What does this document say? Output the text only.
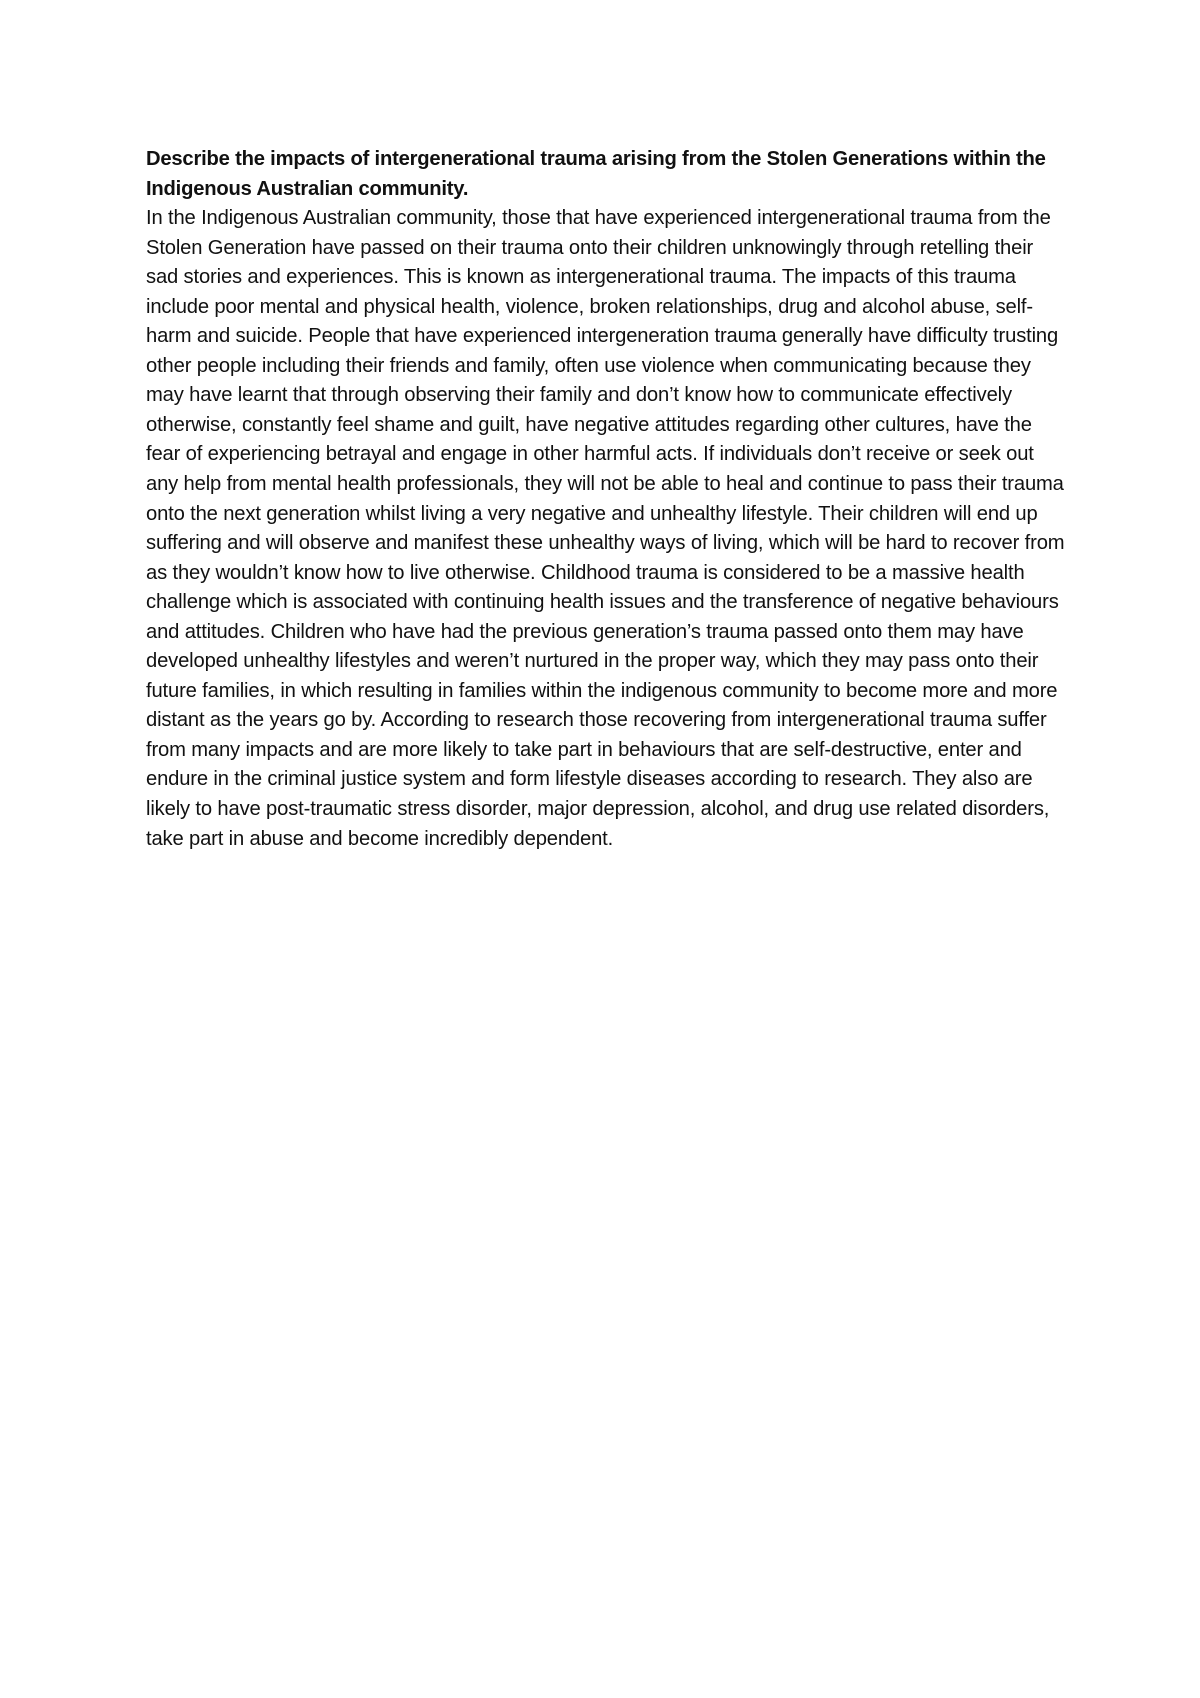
Describe the impacts of intergenerational trauma arising from the Stolen Generations within the Indigenous Australian community.

In the Indigenous Australian community, those that have experienced intergenerational trauma from the Stolen Generation have passed on their trauma onto their children unknowingly through retelling their sad stories and experiences. This is known as intergenerational trauma. The impacts of this trauma include poor mental and physical health, violence, broken relationships, drug and alcohol abuse, self-harm and suicide. People that have experienced intergeneration trauma generally have difficulty trusting other people including their friends and family, often use violence when communicating because they may have learnt that through observing their family and don’t know how to communicate effectively otherwise, constantly feel shame and guilt, have negative attitudes regarding other cultures, have the fear of experiencing betrayal and engage in other harmful acts. If individuals don’t receive or seek out any help from mental health professionals, they will not be able to heal and continue to pass their trauma onto the next generation whilst living a very negative and unhealthy lifestyle. Their children will end up suffering and will observe and manifest these unhealthy ways of living, which will be hard to recover from as they wouldn’t know how to live otherwise. Childhood trauma is considered to be a massive health challenge which is associated with continuing health issues and the transference of negative behaviours and attitudes. Children who have had the previous generation’s trauma passed onto them may have developed unhealthy lifestyles and weren’t nurtured in the proper way, which they may pass onto their future families, in which resulting in families within the indigenous community to become more and more distant as the years go by. According to research those recovering from intergenerational trauma suffer from many impacts and are more likely to take part in behaviours that are self-destructive, enter and endure in the criminal justice system and form lifestyle diseases according to research. They also are likely to have post-traumatic stress disorder, major depression, alcohol, and drug use related disorders, take part in abuse and become incredibly dependent.
